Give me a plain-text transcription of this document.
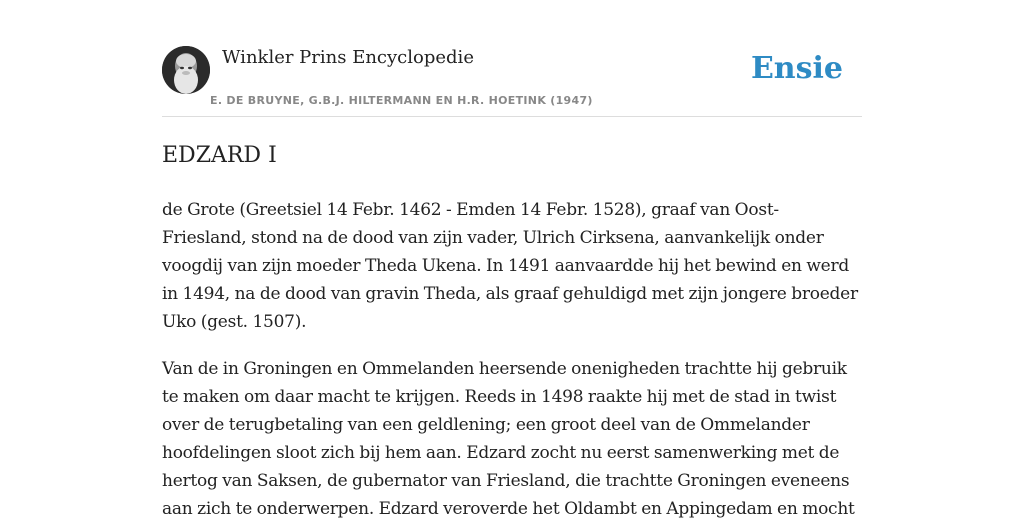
Winkler Prins Encyclopedie
E. DE BRUYNE, G.B.J. HILTERMANN EN H.R. HOETINK (1947)
Ensie
EDZARD I

de Grote (Greetsiel 14 Febr. 1462 - Emden 14 Febr. 1528), graaf van Oost-Friesland, stond na de dood van zijn vader, Ulrich Cirksena, aanvankelijk onder voogdij van zijn moeder Theda Ukena. In 1491 aanvaardde hij het bewind en werd in 1494, na de dood van gravin Theda, als graaf gehuldigd met zijn jongere broeder Uko (gest. 1507).

Van de in Groningen en Ommelanden heersende onenigheden trachtte hij gebruik te maken om daar macht te krijgen. Reeds in 1498 raakte hij met de stad in twist over de terugbetaling van een geldlening; een groot deel van de Ommelander hoofdelingen sloot zich bij hem aan. Edzard zocht nu eerst samenwerking met de hertog van Saksen, de gubernator van Friesland, die trachtte Groningen eveneens aan zich te onderwerpen. Edzard veroverde het Oldambt en Appingedam en mocht
